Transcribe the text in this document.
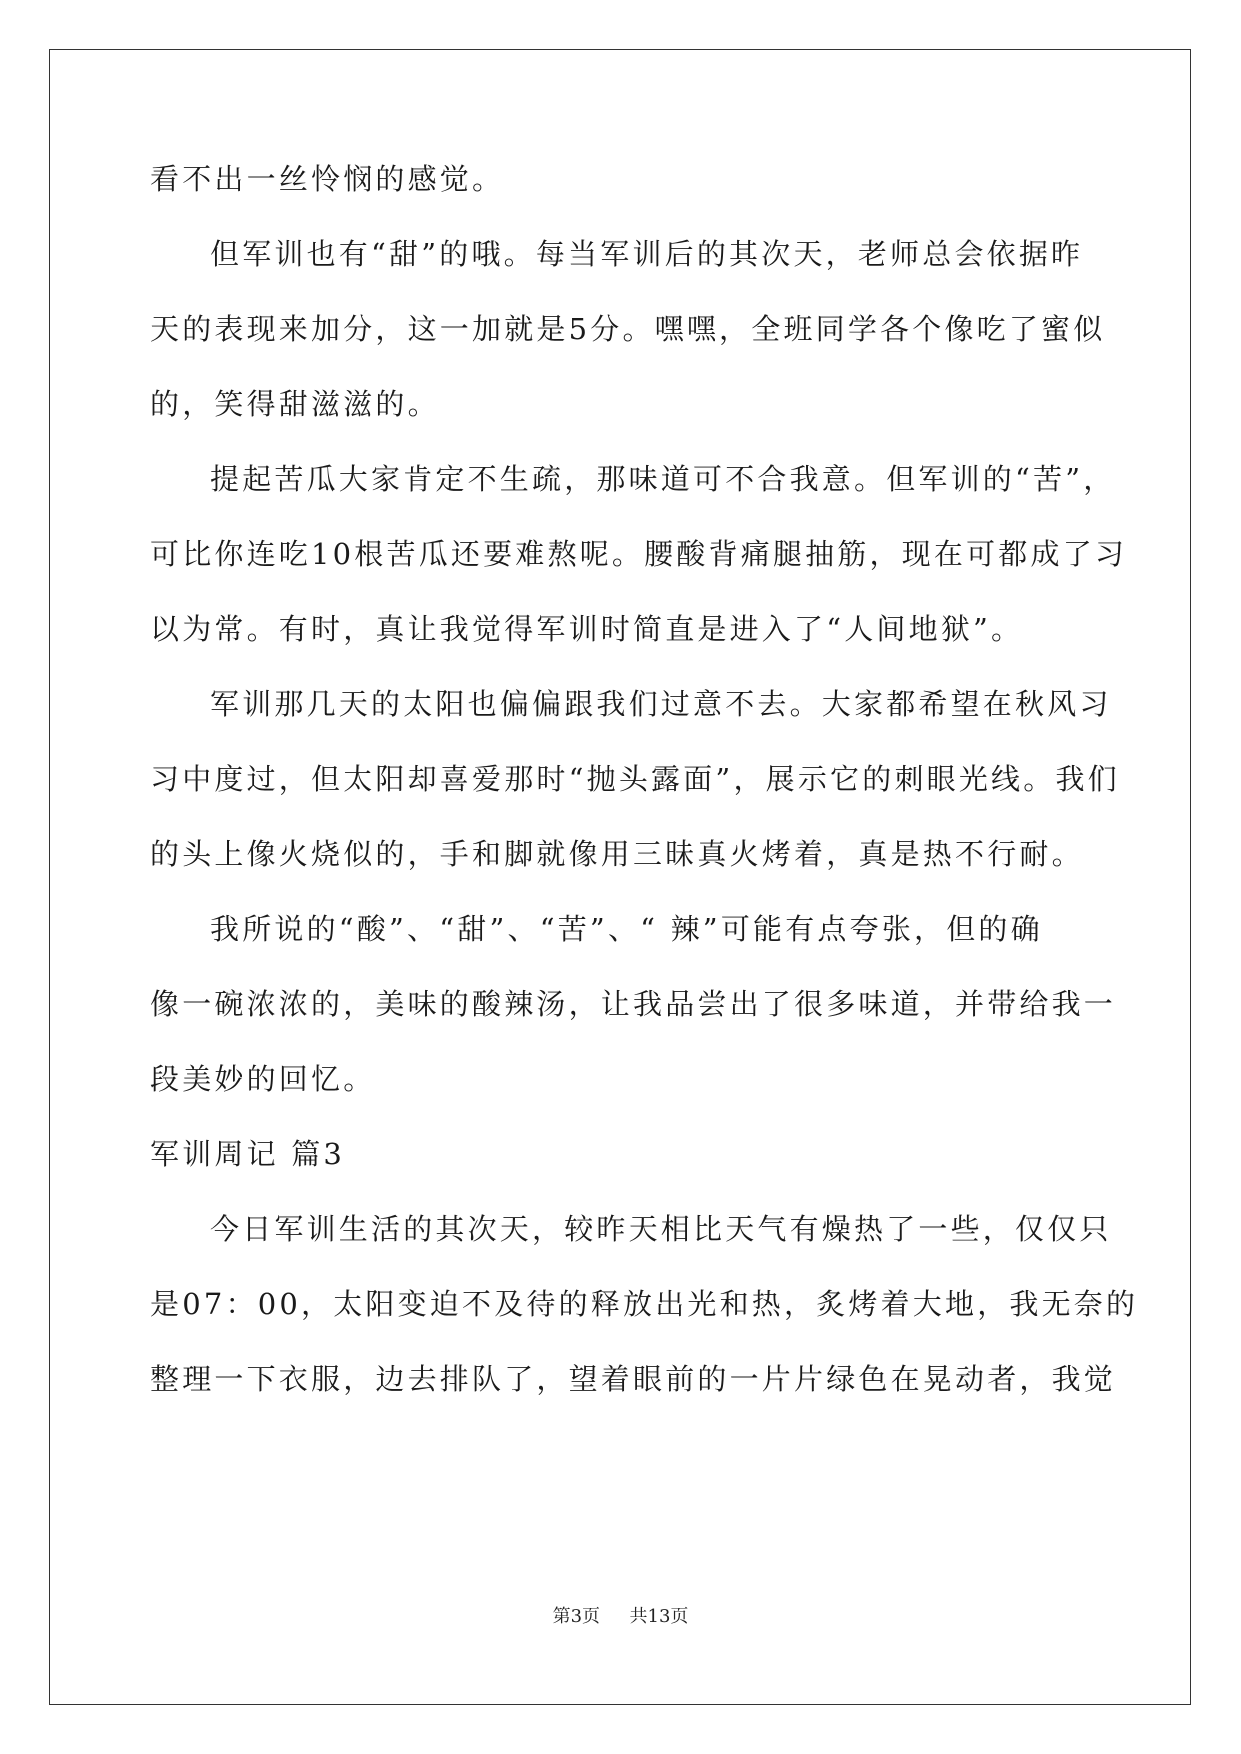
看不出一丝怜悯的感觉。
但军训也有“甜”的哦。每当军训后的其次天，老师总会依据昨
天的表现来加分，这一加就是5分。嘿嘿，全班同学各个像吃了蜜似
的，笑得甜滋滋的。
提起苦瓜大家肯定不生疏，那味道可不合我意。但军训的“苦”，
可比你连吃10根苦瓜还要难熬呢。腰酸背痛腿抽筋，现在可都成了习
以为常。有时，真让我觉得军训时简直是进入了“人间地狱”。
军训那几天的太阳也偏偏跟我们过意不去。大家都希望在秋风习
习中度过，但太阳却喜爱那时“抛头露面”，展示它的刺眼光线。我们
的头上像火烧似的，手和脚就像用三昧真火烤着，真是热不行耐。
我所说的“酸”、“甜”、“苦”、“ 辣”可能有点夸张，但的确
像一碗浓浓的，美味的酸辣汤，让我品尝出了很多味道，并带给我一
段美妙的回忆。
军训周记 篇3
今日军训生活的其次天，较昨天相比天气有燥热了一些，仅仅只
是07：00，太阳变迫不及待的释放出光和热，炙烤着大地，我无奈的
整理一下衣服，边去排队了，望着眼前的一片片绿色在晃动者，我觉
第3页 共13页
